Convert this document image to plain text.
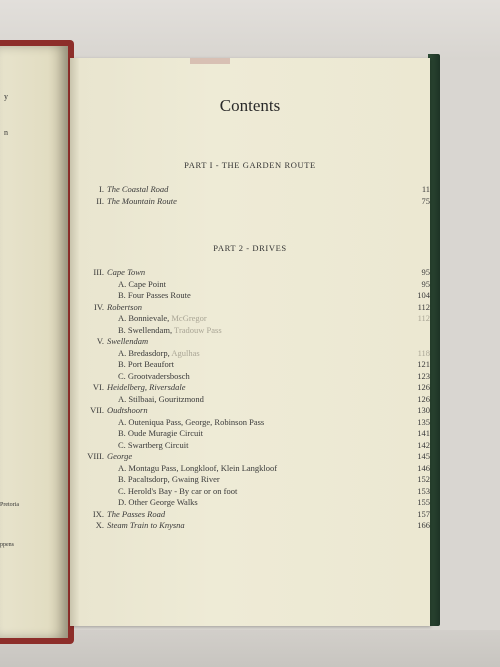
y
n
Pretoria
ppens
Contents
PART I - THE GARDEN ROUTE
PART 2 - DRIVES
I. The Coastal Road	11
II. The Mountain Route	75
III. Cape Town	95
A. Cape Point	95
B. Four Passes Route	104
IV. Robertson	112
A. Bonnievale, McGregor	112
B. Swellendam, Tradouw Pass
V. Swellendam
A. Bredasdorp, Agulhas	118
B. Port Beaufort	121
C. Grootvadersbosch	123
VI. Heidelberg, Riversdale	126
A. Stilbaai, Gouritzmond	126
VII. Oudtshoorn	130
A. Outeniqua Pass, George, Robinson Pass	135
B. Oude Muragie Circuit	141
C. Swartberg Circuit	142
VIII. George	145
A. Montagu Pass, Longkloof, Klein Langkloof	146
B. Pacaltsdorp, Gwaing River	152
C. Herold's Bay - By car or on foot	153
D. Other George Walks	155
IX. The Passes Road	157
X. Steam Train to Knysna	166
